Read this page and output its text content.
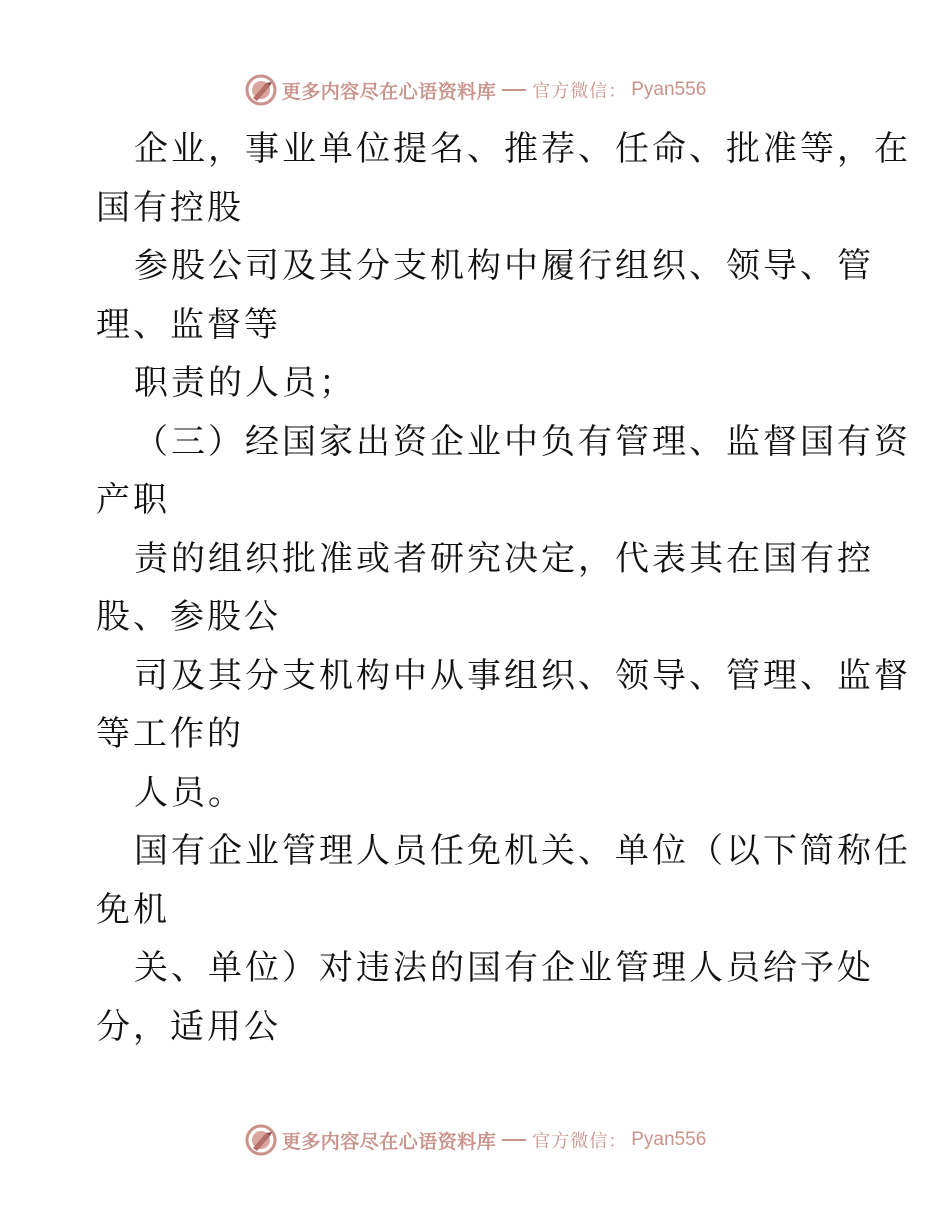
更多内容尽在心语资料库 官方微信： Pyan556
企业，事业单位提名、推荐、任命、批准等，在
国有控股
参股公司及其分支机构中履行组织、领导、管
理、监督等
职责的人员；
（三）经国家出资企业中负有管理、监督国有资
产职
责的组织批准或者研究决定，代表其在国有控
股、参股公
司及其分支机构中从事组织、领导、管理、监督
等工作的
人员。
国有企业管理人员任免机关、单位（以下简称任
免机
关、单位）对违法的国有企业管理人员给予处
分，适用公
更多内容尽在心语资料库 官方微信： Pyan556
